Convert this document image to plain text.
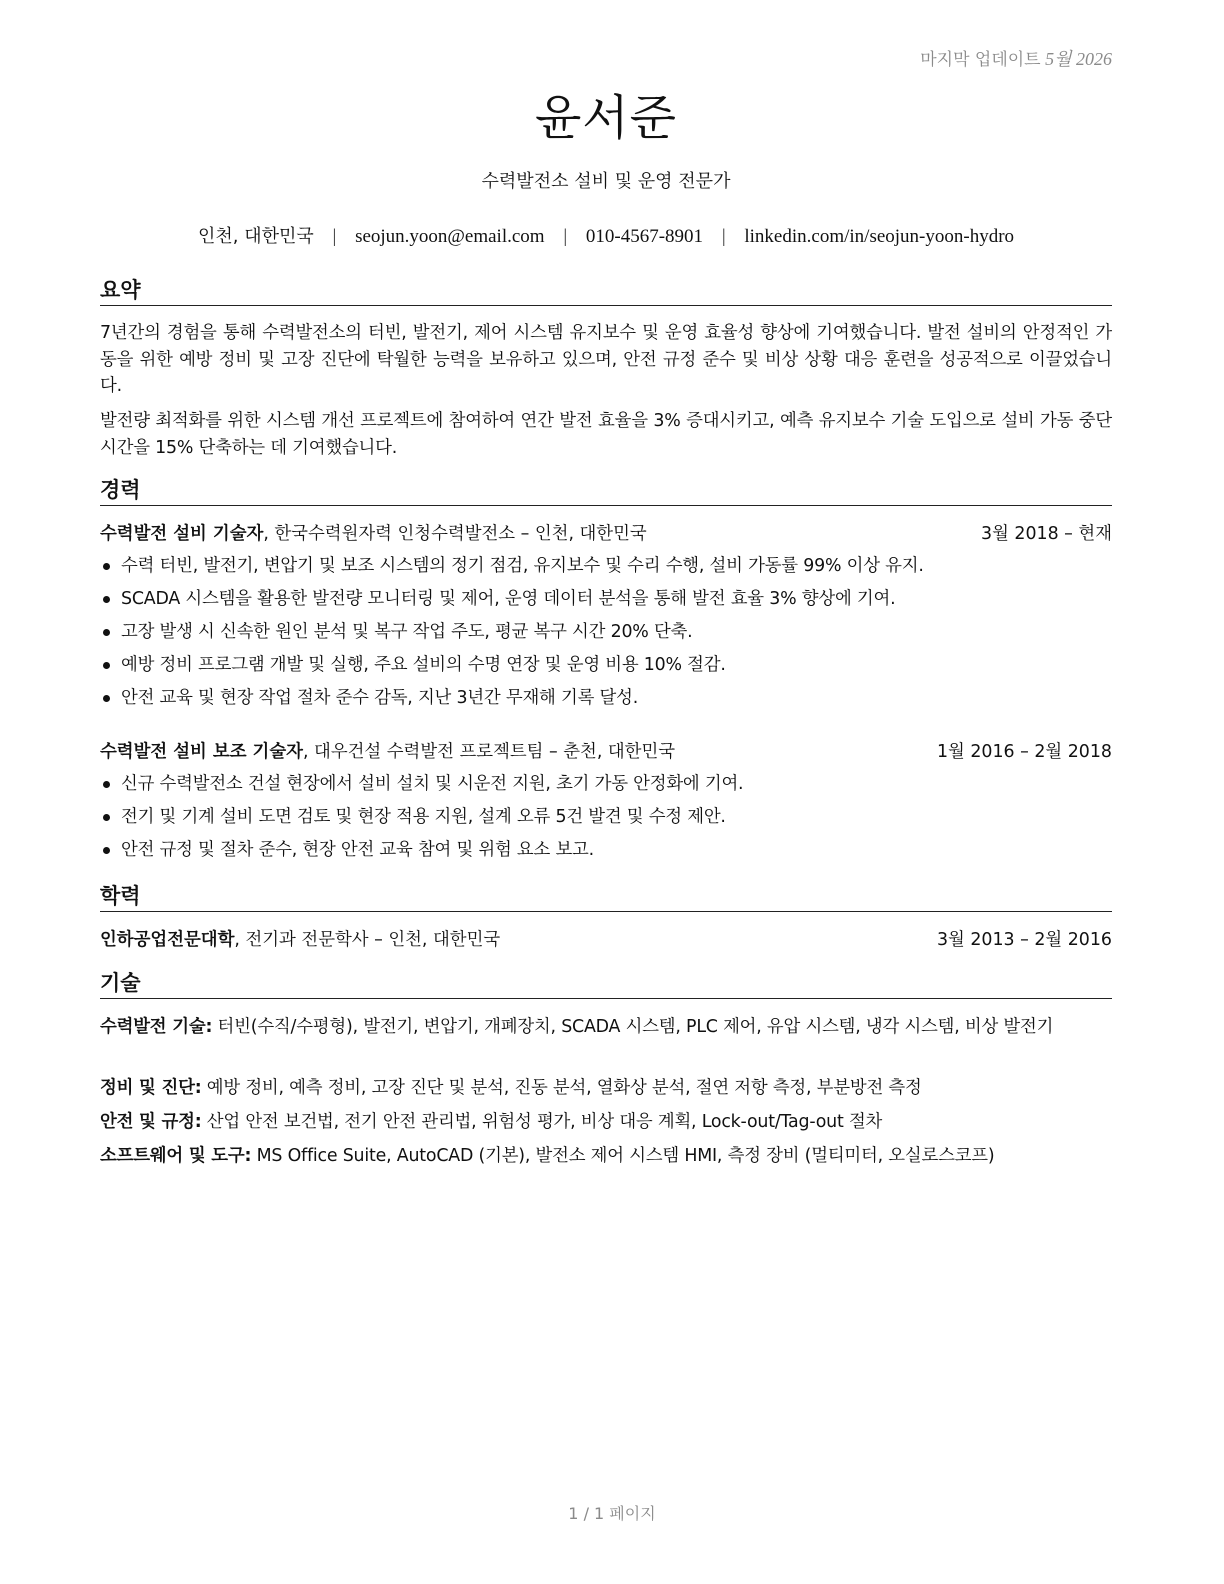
마지막 업데이트 5월 2026
윤서준
수력발전소 설비 및 운영 전문가
인천, 대한민국 | seojun.yoon@email.com | 010-4567-8901 | linkedin.com/in/seojun-yoon-hydro
요약
7년간의 경험을 통해 수력발전소의 터빈, 발전기, 제어 시스템 유지보수 및 운영 효율성 향상에 기여했습니다. 발전 설비의 안정적인 가동을 위한 예방 정비 및 고장 진단에 탁월한 능력을 보유하고 있으며, 안전 규정 준수 및 비상 상황 대응 훈련을 성공적으로 이끌었습니다.
발전량 최적화를 위한 시스템 개선 프로젝트에 참여하여 연간 발전 효율을 3% 증대시키고, 예측 유지보수 기술 도입으로 설비 가동 중단 시간을 15% 단축하는 데 기여했습니다.
경력
수력발전 설비 기술자, 한국수력원자력 인청수력발전소 – 인천, 대한민국	3월 2018 – 현재
수력 터빈, 발전기, 변압기 및 보조 시스템의 정기 점검, 유지보수 및 수리 수행, 설비 가동률 99% 이상 유지.
SCADA 시스템을 활용한 발전량 모니터링 및 제어, 운영 데이터 분석을 통해 발전 효율 3% 향상에 기여.
고장 발생 시 신속한 원인 분석 및 복구 작업 주도, 평균 복구 시간 20% 단축.
예방 정비 프로그램 개발 및 실행, 주요 설비의 수명 연장 및 운영 비용 10% 절감.
안전 교육 및 현장 작업 절차 준수 감독, 지난 3년간 무재해 기록 달성.
수력발전 설비 보조 기술자, 대우건설 수력발전 프로젝트팀 – 춘천, 대한민국	1월 2016 – 2월 2018
신규 수력발전소 건설 현장에서 설비 설치 및 시운전 지원, 초기 가동 안정화에 기여.
전기 및 기계 설비 도면 검토 및 현장 적용 지원, 설계 오류 5건 발견 및 수정 제안.
안전 규정 및 절차 준수, 현장 안전 교육 참여 및 위험 요소 보고.
학력
인하공업전문대학, 전기과 전문학사 – 인천, 대한민국	3월 2013 – 2월 2016
기술
수력발전 기술: 터빈(수직/수평형), 발전기, 변압기, 개폐장치, SCADA 시스템, PLC 제어, 유압 시스템, 냉각 시스템, 비상 발전기
정비 및 진단: 예방 정비, 예측 정비, 고장 진단 및 분석, 진동 분석, 열화상 분석, 절연 저항 측정, 부분방전 측정
안전 및 규정: 산업 안전 보건법, 전기 안전 관리법, 위험성 평가, 비상 대응 계획, Lock-out/Tag-out 절차
소프트웨어 및 도구: MS Office Suite, AutoCAD (기본), 발전소 제어 시스템 HMI, 측정 장비 (멀티미터, 오실로스코프)
1 / 1 페이지
